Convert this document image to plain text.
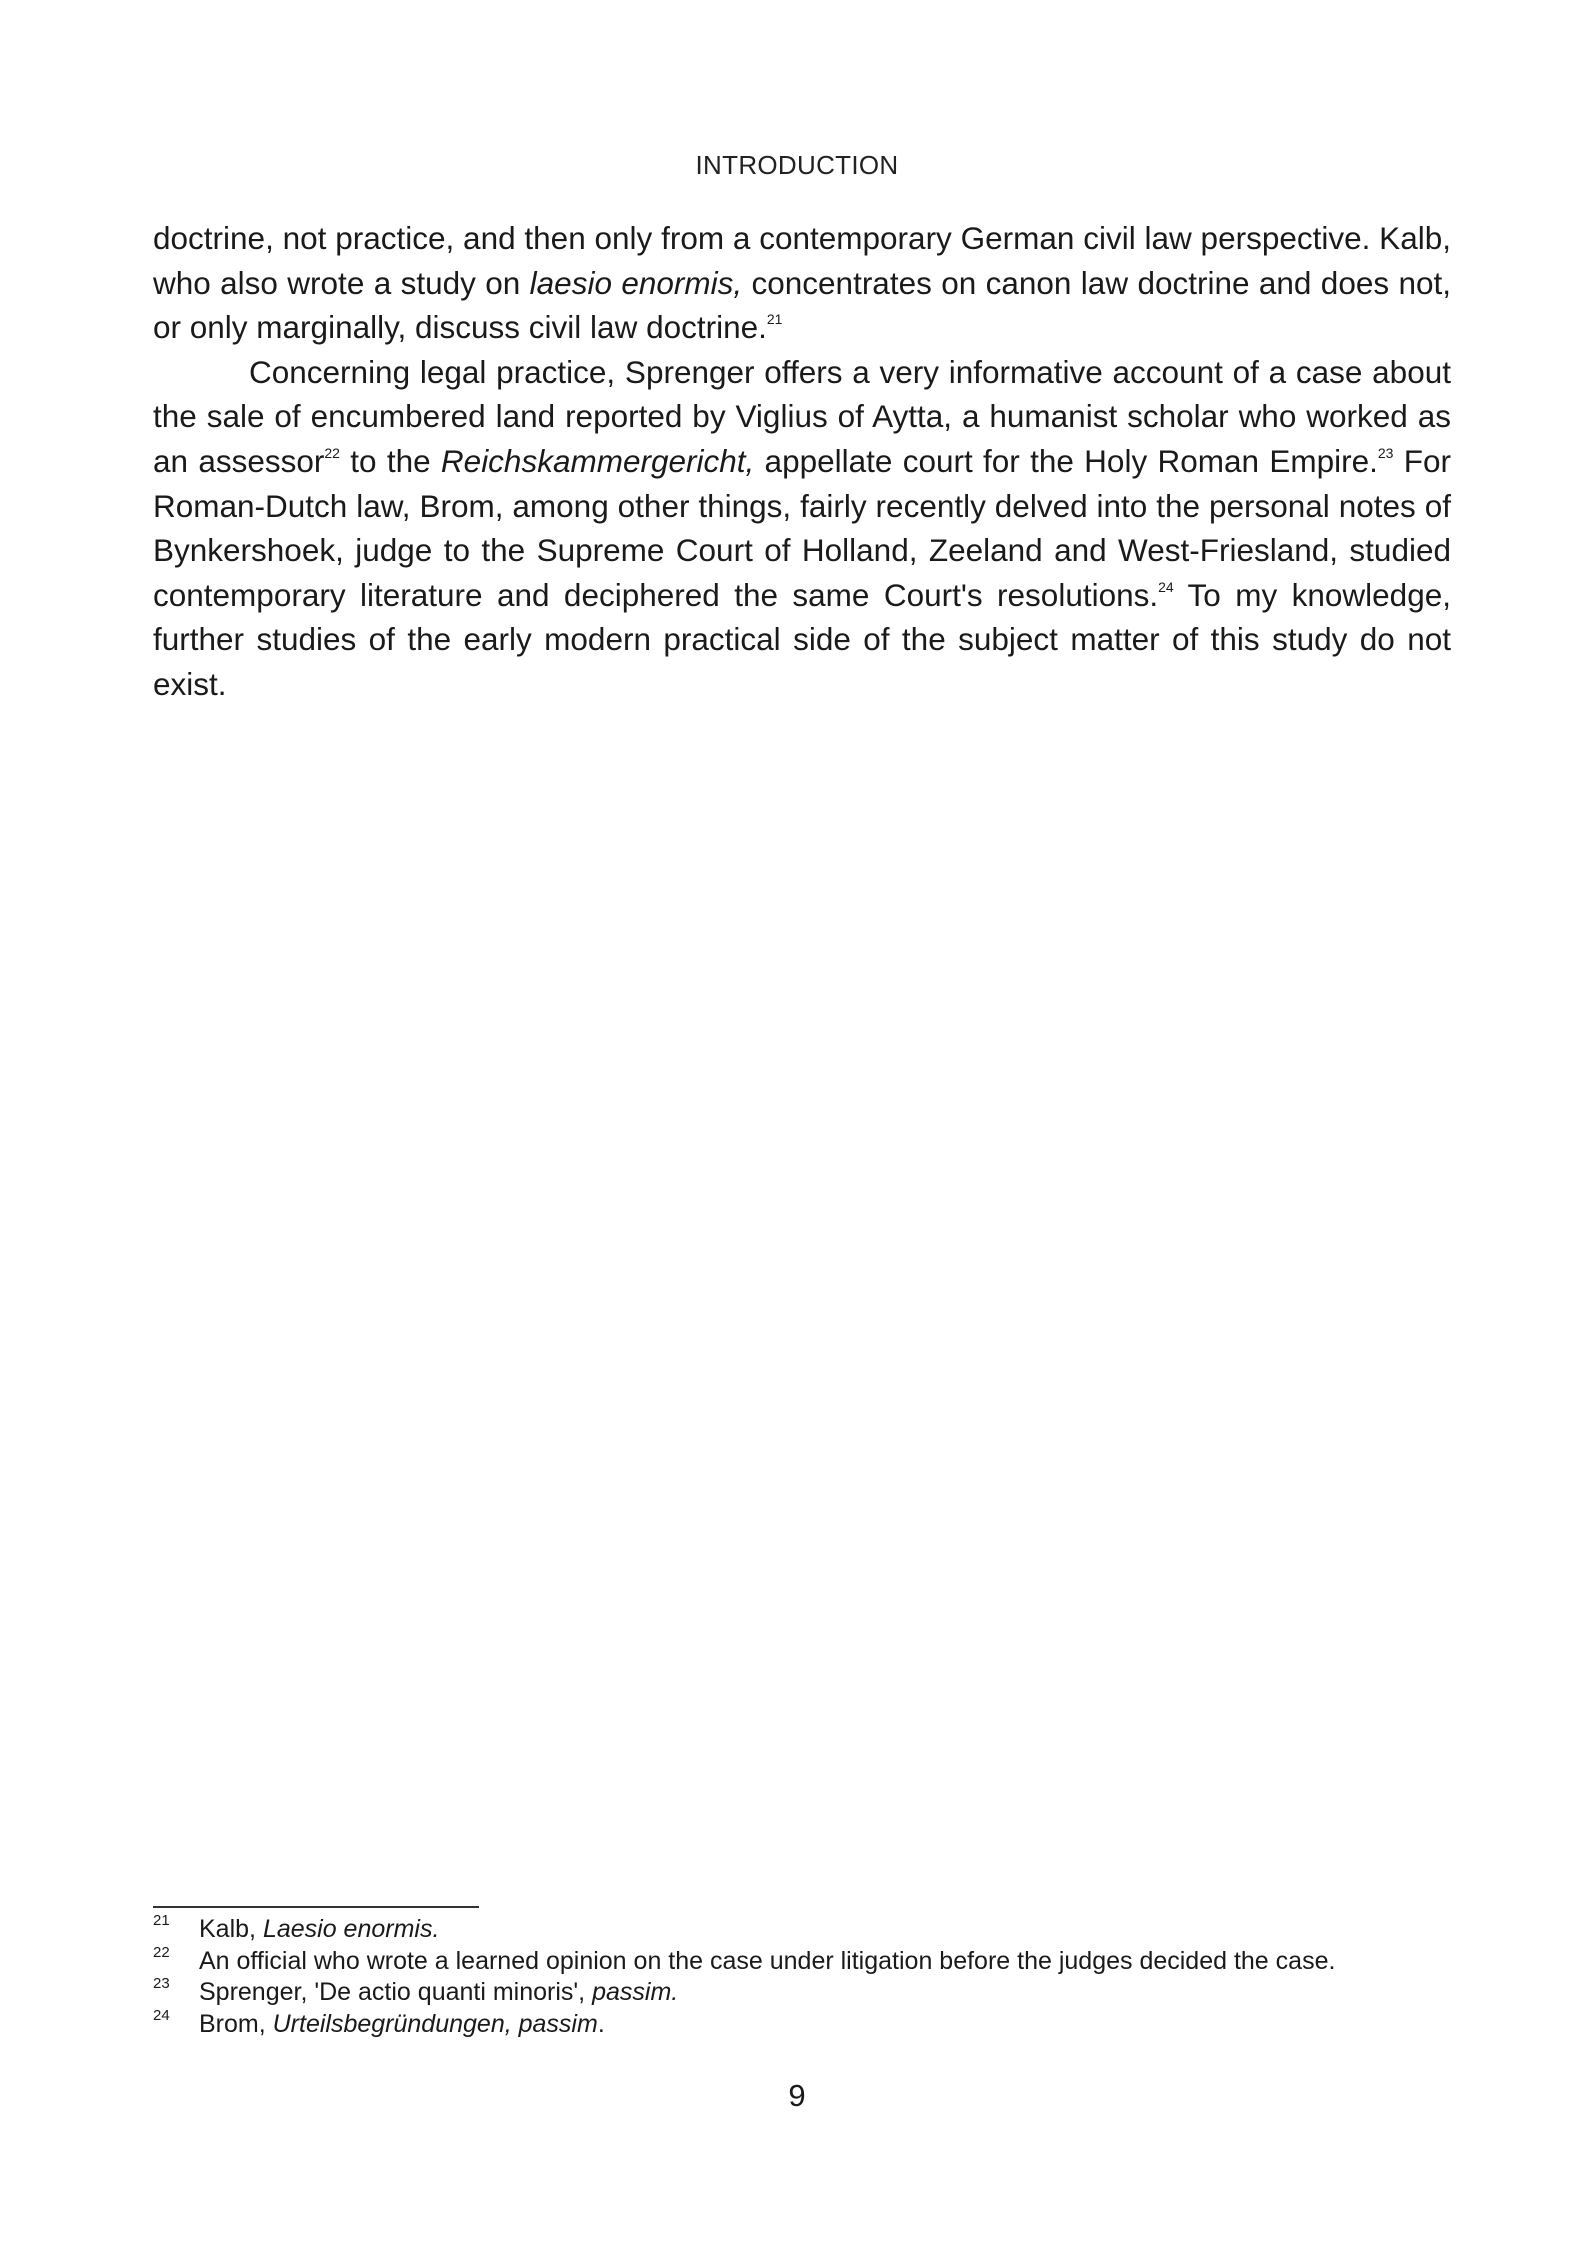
INTRODUCTION

doctrine, not practice, and then only from a contemporary German civil law perspective. Kalb, who also wrote a study on laesio enormis, concentrates on canon law doctrine and does not, or only marginally, discuss civil law doctrine.$^{21}$

Concerning legal practice, Sprenger offers a very informative account of a case about the sale of encumbered land reported by Viglius of Aytta, a humanist scholar who worked as an assessor$^{22}$ to the Reichskammergericht, appellate court for the Holy Roman Empire.$^{23}$ For Roman-Dutch law, Brom, among other things, fairly recently delved into the personal notes of Bynkershoek, judge to the Supreme Court of Holland, Zeeland and West-Friesland, studied contemporary literature and deciphered the same Court's resolutions.$^{24}$ To my knowledge, further studies of the early modern practical side of the subject matter of this study do not exist.

21 Kalb, Laesio enormis.
22 An official who wrote a learned opinion on the case under litigation before the judges decided the case.
23 Sprenger, 'De actio quanti minoris', passim.
24 Brom, Urteilsbegründungen, passim.
9
